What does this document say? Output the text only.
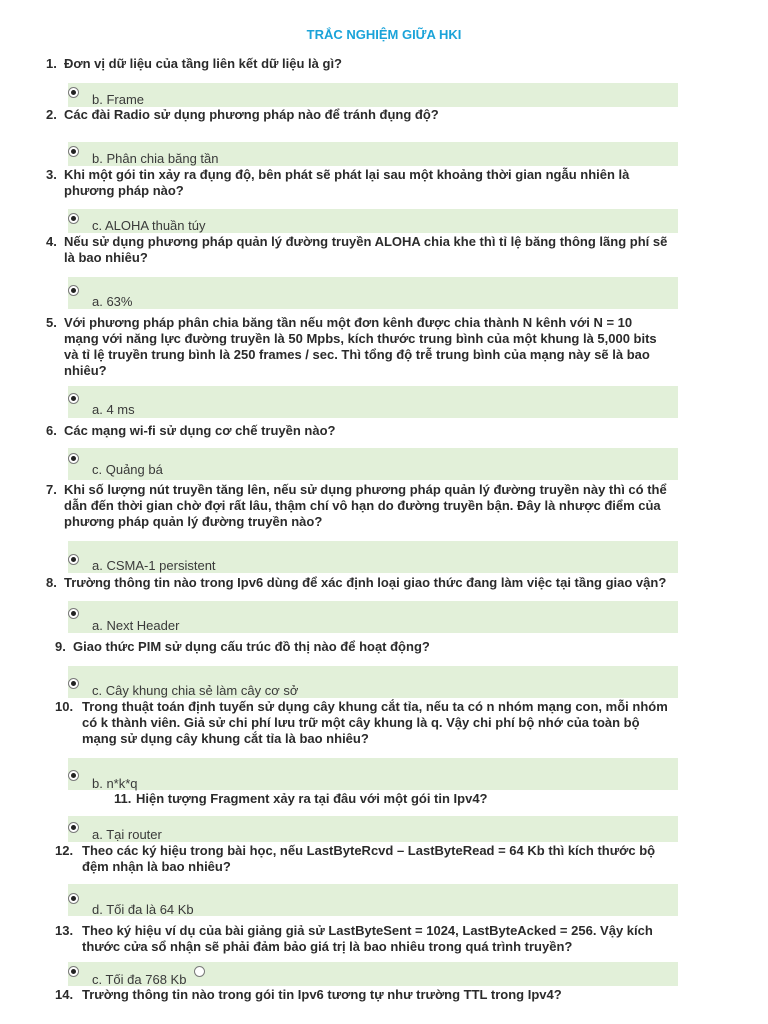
TRẮC NGHIỆM GIỮA HKI
1. Đơn vị dữ liệu của tầng liên kết dữ liệu là gì?
b. Frame
2. Các đài Radio sử dụng phương pháp nào để tránh đụng độ?
b. Phân chia băng tần
3. Khi một gói tin xảy ra đụng độ, bên phát sẽ phát lại sau một khoảng thời gian ngẫu nhiên là
phương pháp nào?
c. ALOHA thuần túy
4. Nếu sử dụng phương pháp quản lý đường truyền ALOHA chia khe thì tỉ lệ băng thông lãng phí sẽ
là bao nhiêu?
a. 63%
5. Với phương pháp phân chia băng tần nếu một đơn kênh được chia thành N kênh với N = 10
mạng với năng lực đường truyền là 50 Mpbs, kích thước trung bình của một khung là 5,000 bits
và tỉ lệ truyền trung bình là 250 frames / sec. Thì tổng độ trễ trung bình của mạng này sẽ là bao
nhiêu?
a. 4 ms
6. Các mạng wi-fi sử dụng cơ chế truyền nào?
c. Quảng bá
7. Khi số lượng nút truyền tăng lên, nếu sử dụng phương pháp quản lý đường truyền này thì có thể
dẫn đến thời gian chờ đợi rất lâu, thậm chí vô hạn do đường truyền bận. Đây là nhược điểm của
phương pháp quản lý đường truyền nào?
a. CSMA-1 persistent
8. Trường thông tin nào trong Ipv6 dùng để xác định loại giao thức đang làm việc tại tầng giao vận?
a. Next Header
9. Giao thức PIM sử dụng cấu trúc đồ thị nào để hoạt động?
c. Cây khung chia sẻ làm cây cơ sở
10. Trong thuật toán định tuyến sử dụng cây khung cắt tỉa, nếu ta có n nhóm mạng con, mỗi nhóm
có k thành viên. Giả sử chi phí lưu trữ một cây khung là q. Vậy chi phí bộ nhớ của toàn bộ
mạng sử dụng cây khung cắt tỉa là bao nhiêu?
b. n*k*q
11. Hiện tượng Fragment xảy ra tại đâu với một gói tin Ipv4?
a. Tại router
12. Theo các ký hiệu trong bài học, nếu LastByteRcvd – LastByteRead = 64 Kb thì kích thước bộ
đệm nhận là bao nhiêu?
d. Tối đa là 64 Kb
13. Theo ký hiệu ví dụ của bài giảng giả sử LastByteSent = 1024, LastByteAcked = 256. Vậy kích
thước cửa sổ nhận sẽ phải đảm bảo giá trị là bao nhiêu trong quá trình truyền?
c. Tối đa 768 Kb
14. Trường thông tin nào trong gói tin Ipv6 tương tự như trường TTL trong Ipv4?
